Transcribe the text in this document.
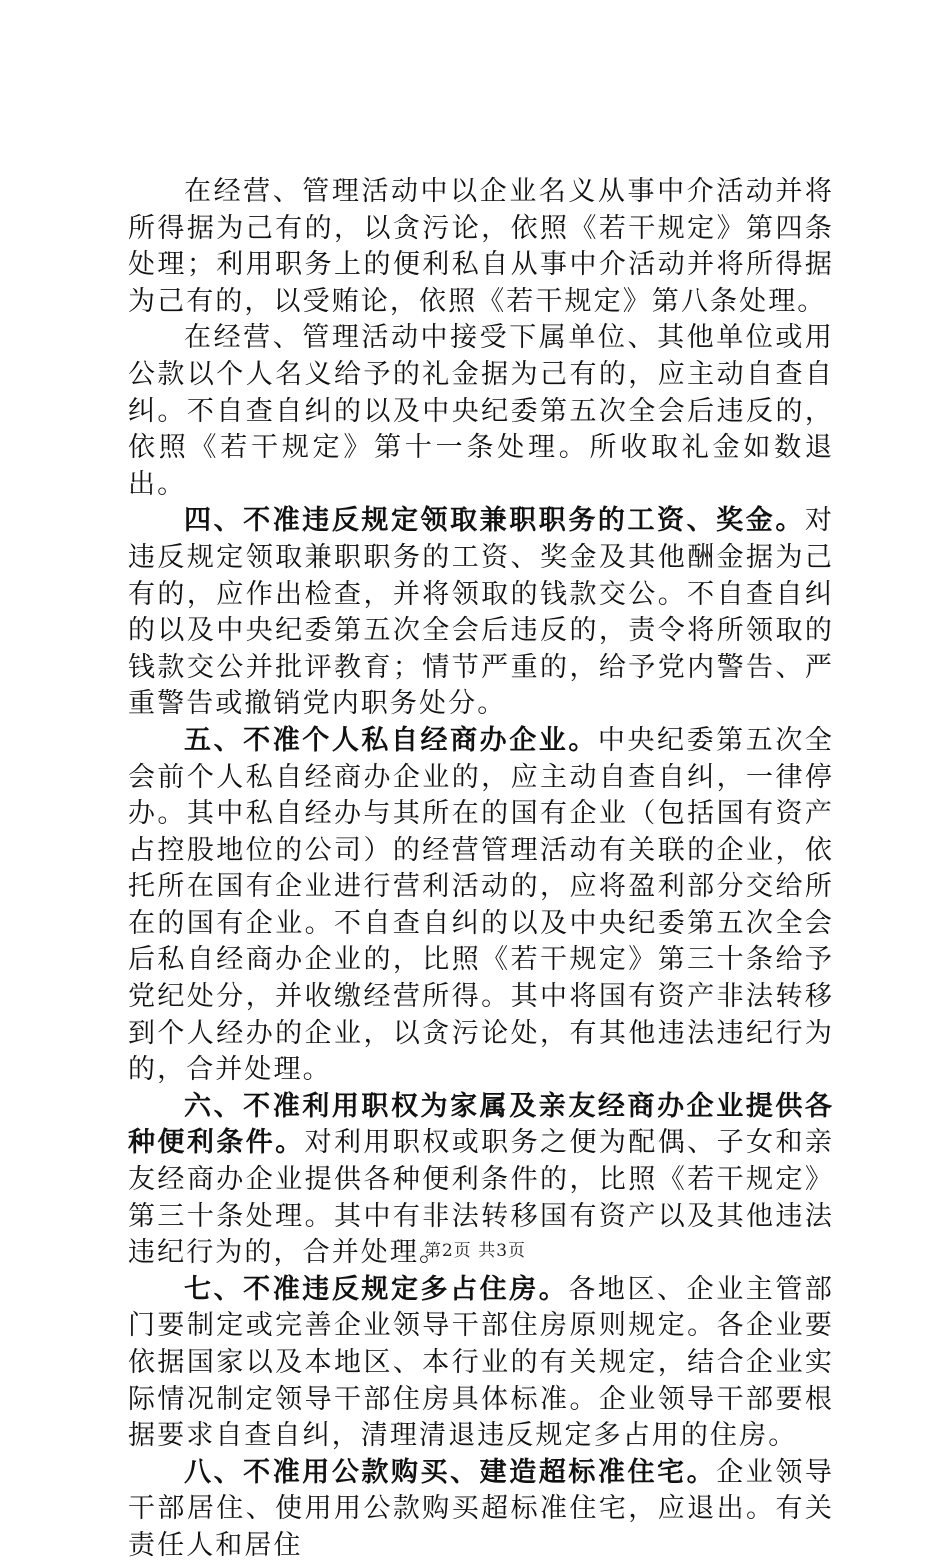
在经营、管理活动中以企业名义从事中介活动并将所得据为己有的，以贪污论，依照《若干规定》第四条处理；利用职务上的便利私自从事中介活动并将所得据为己有的，以受贿论，依照《若干规定》第八条处理。

在经营、管理活动中接受下属单位、其他单位或用公款以个人名义给予的礼金据为己有的，应主动自查自纠。不自查自纠的以及中央纪委第五次全会后违反的，依照《若干规定》第十一条处理。所收取礼金如数退出。

四、不准违反规定领取兼职职务的工资、奖金。对违反规定领取兼职职务的工资、奖金及其他酬金据为己有的，应作出检查，并将领取的钱款交公。不自查自纠的以及中央纪委第五次全会后违反的，责令将所领取的钱款交公并批评教育；情节严重的，给予党内警告、严重警告或撤销党内职务处分。

五、不准个人私自经商办企业。中央纪委第五次全会前个人私自经商办企业的，应主动自查自纠，一律停办。其中私自经办与其所在的国有企业（包括国有资产占控股地位的公司）的经营管理活动有关联的企业，依托所在国有企业进行营利活动的，应将盈利部分交给所在的国有企业。不自查自纠的以及中央纪委第五次全会后私自经商办企业的，比照《若干规定》第三十条给予党纪处分，并收缴经营所得。其中将国有资产非法转移到个人经办的企业，以贪污论处，有其他违法违纪行为的，合并处理。

六、不准利用职权为家属及亲友经商办企业提供各种便利条件。对利用职权或职务之便为配偶、子女和亲友经商办企业提供各种便利条件的，比照《若干规定》第三十条处理。其中有非法转移国有资产以及其他违法违纪行为的，合并处理。

七、不准违反规定多占住房。各地区、企业主管部门要制定或完善企业领导干部住房原则规定。各企业要依据国家以及本地区、本行业的有关规定，结合企业实际情况制定领导干部住房具体标准。企业领导干部要根据要求自查自纠，清理清退违反规定多占用的住房。

八、不准用公款购买、建造超标准住宅。企业领导干部居住、使用用公款购买超标准住宅，应退出。有关责任人和居住

第2页 共3页
